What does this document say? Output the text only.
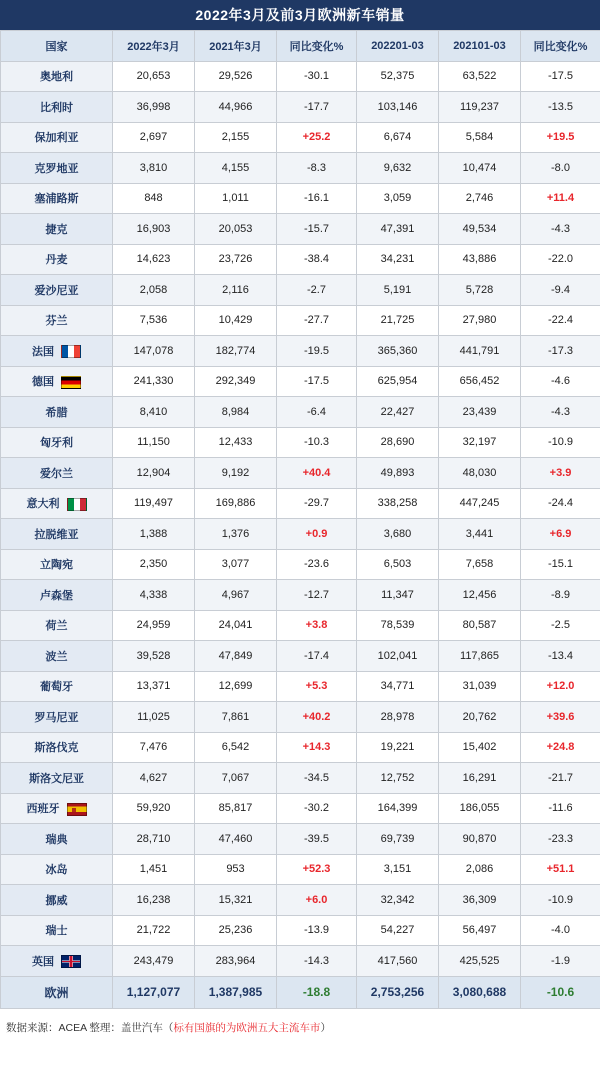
2022年3月及前3月欧洲新车销量
国家	2022年3月	2021年3月	同比变化%	202201-03	202101-03	同比变化%
奥地利	20,653	29,526	-30.1	52,375	63,522	-17.5
比利时	36,998	44,966	-17.7	103,146	119,237	-13.5
保加利亚	2,697	2,155	+25.2	6,674	5,584	+19.5
克罗地亚	3,810	4,155	-8.3	9,632	10,474	-8.0
塞浦路斯	848	1,011	-16.1	3,059	2,746	+11.4
捷克	16,903	20,053	-15.7	47,391	49,534	-4.3
丹麦	14,623	23,726	-38.4	34,231	43,886	-22.0
爱沙尼亚	2,058	2,116	-2.7	5,191	5,728	-9.4
芬兰	7,536	10,429	-27.7	21,725	27,980	-22.4
法国	147,078	182,774	-19.5	365,360	441,791	-17.3
德国	241,330	292,349	-17.5	625,954	656,452	-4.6
希腊	8,410	8,984	-6.4	22,427	23,439	-4.3
匈牙利	11,150	12,433	-10.3	28,690	32,197	-10.9
爱尔兰	12,904	9,192	+40.4	49,893	48,030	+3.9
意大利	119,497	169,886	-29.7	338,258	447,245	-24.4
拉脱维亚	1,388	1,376	+0.9	3,680	3,441	+6.9
立陶宛	2,350	3,077	-23.6	6,503	7,658	-15.1
卢森堡	4,338	4,967	-12.7	11,347	12,456	-8.9
荷兰	24,959	24,041	+3.8	78,539	80,587	-2.5
波兰	39,528	47,849	-17.4	102,041	117,865	-13.4
葡萄牙	13,371	12,699	+5.3	34,771	31,039	+12.0
罗马尼亚	11,025	7,861	+40.2	28,978	20,762	+39.6
斯洛伐克	7,476	6,542	+14.3	19,221	15,402	+24.8
斯洛文尼亚	4,627	7,067	-34.5	12,752	16,291	-21.7
西班牙	59,920	85,817	-30.2	164,399	186,055	-11.6
瑞典	28,710	47,460	-39.5	69,739	90,870	-23.3
冰岛	1,451	953	+52.3	3,151	2,086	+51.1
挪威	16,238	15,321	+6.0	32,342	36,309	-10.9
瑞士	21,722	25,236	-13.9	54,227	56,497	-4.0
英国	243,479	283,964	-14.3	417,560	425,525	-1.9
欧洲	1,127,077	1,387,985	-18.8	2,753,256	3,080,688	-10.6
数据来源：ACEA 整理：盖世汽车（ 标有国旗的为欧洲五大主流车市 ）
